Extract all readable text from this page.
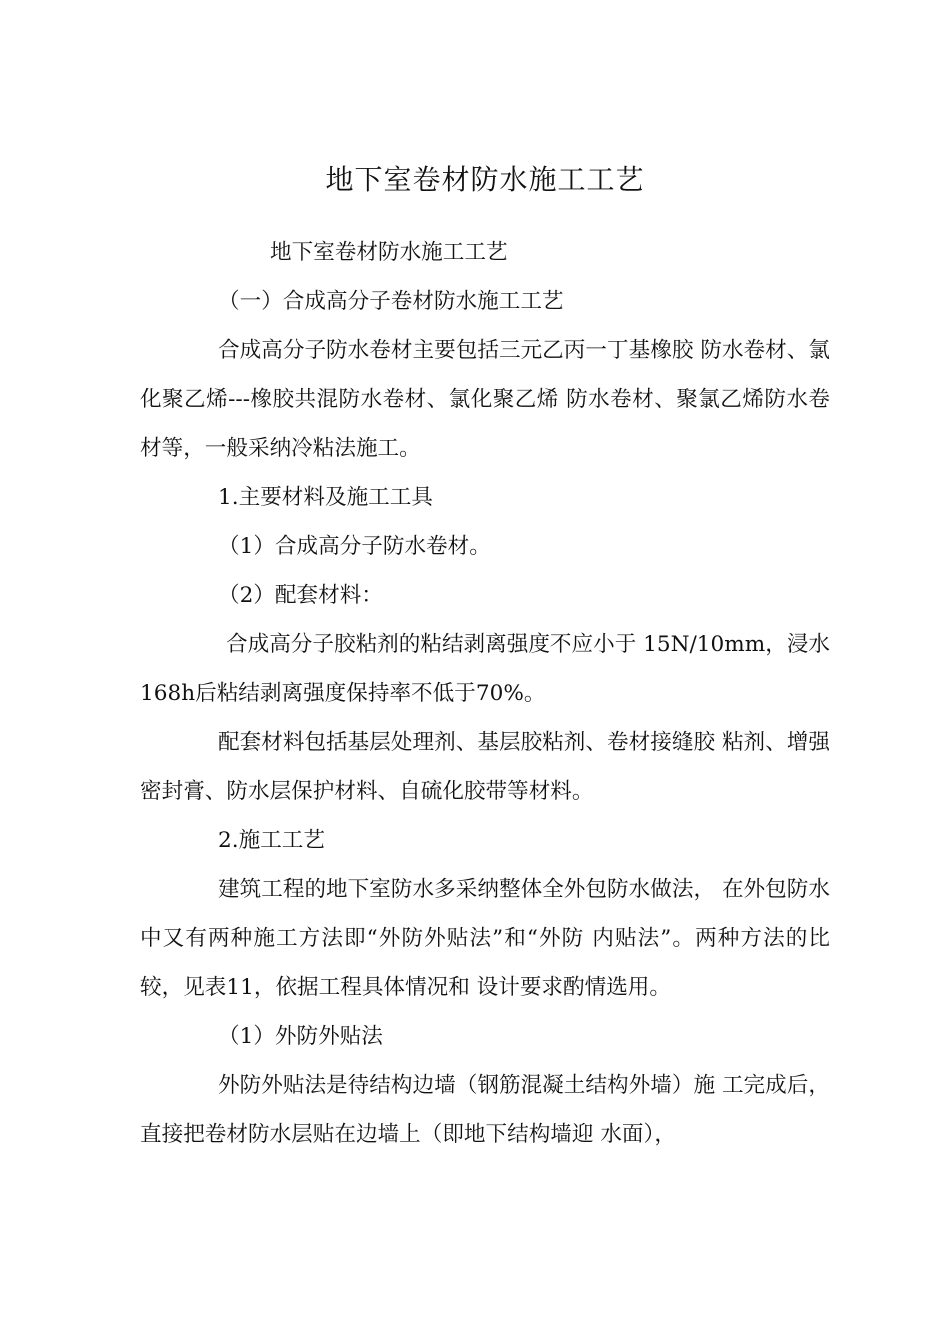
地下室卷材防水施工工艺

地下室卷材防水施工工艺

（一）合成高分子卷材防水施工工艺

合成高分子防水卷材主要包括三元乙丙一丁基橡胶 防水卷材、氯化聚乙烯---橡胶共混防水卷材、氯化聚乙烯 防水卷材、聚氯乙烯防水卷材等，一般采纳冷粘法施工。

1.主要材料及施工工具

（1）合成高分子防水卷材。

（2）配套材料：

合成高分子胶粘剂的粘结剥离强度不应小于 15N/10mm，浸水168h后粘结剥离强度保持率不低于70%。

配套材料包括基层处理剂、基层胶粘剂、卷材接缝胶 粘剂、增强密封膏、防水层保护材料、自硫化胶带等材料。

2.施工工艺

建筑工程的地下室防水多采纳整体全外包防水做法， 在外包防水中又有两种施工方法即“外防外贴法”和“外防 内贴法”。两种方法的比较，见表11，依据工程具体情况和 设计要求酌情选用。

（1）外防外贴法

外防外贴法是待结构边墙（钢筋混凝土结构外墙）施 工完成后，直接把卷材防水层贴在边墙上（即地下结构墙迎 水面），
